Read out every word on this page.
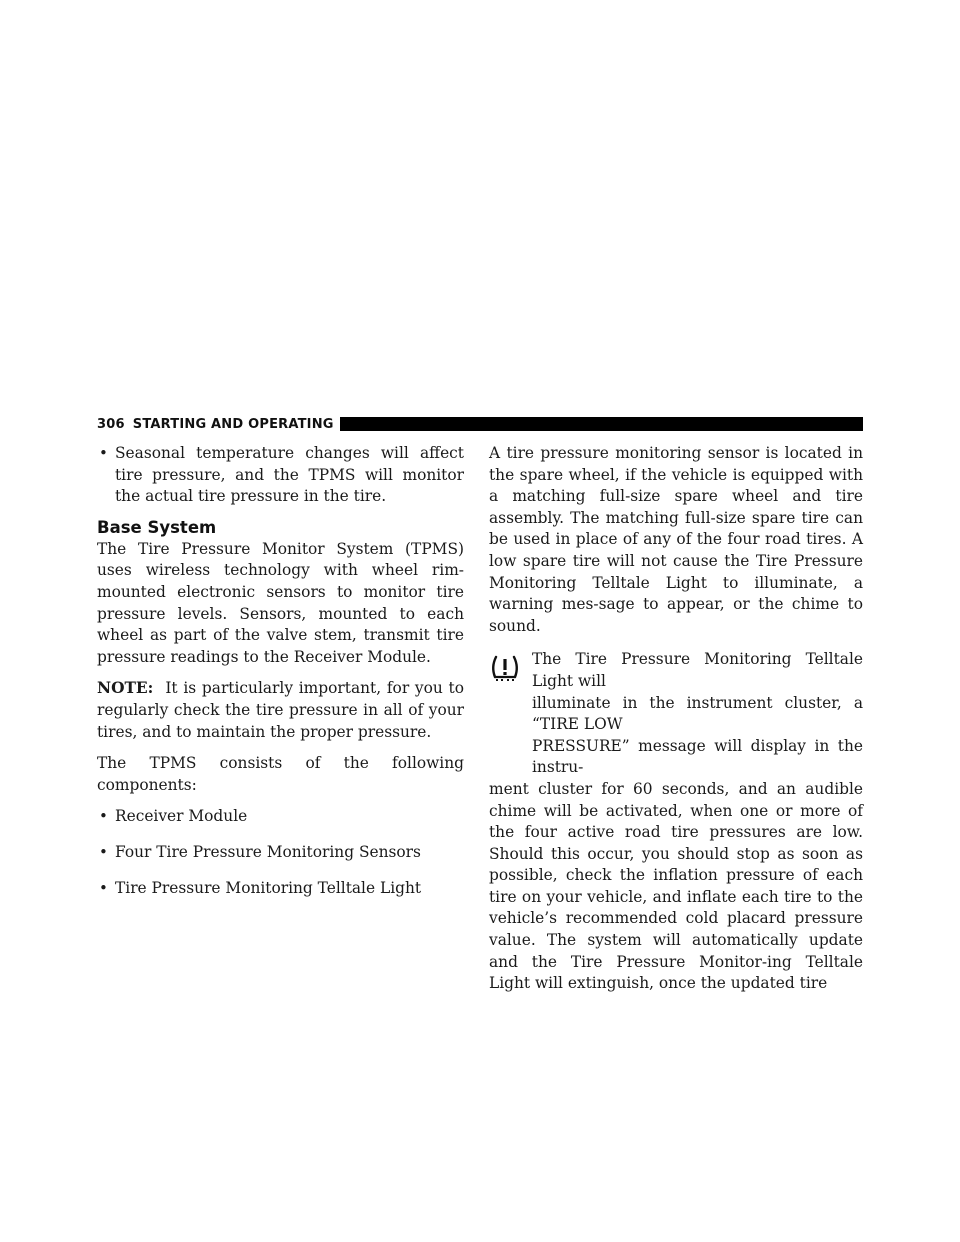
306 STARTING AND OPERATING
• Seasonal temperature changes will affect tire pressure, and the TPMS will monitor the actual tire pressure in the tire.
Base System

The Tire Pressure Monitor System (TPMS) uses wireless technology with wheel rim-mounted electronic sensors to monitor tire pressure levels. Sensors, mounted to each wheel as part of the valve stem, transmit tire pressure readings to the Receiver Module.

NOTE: It is particularly important, for you to regularly check the tire pressure in all of your tires, and to maintain the proper pressure.

The TPMS consists of the following components:

• Receiver Module
• Four Tire Pressure Monitoring Sensors
• Tire Pressure Monitoring Telltale Light

A tire pressure monitoring sensor is located in the spare wheel, if the vehicle is equipped with a matching full-size spare wheel and tire assembly. The matching full-size spare tire can be used in place of any of the four road tires. A low spare tire will not cause the Tire Pressure Monitoring Telltale Light to illuminate, a warning mes-sage to appear, or the chime to sound.

The Tire Pressure Monitoring Telltale Light will
illuminate in the instrument cluster, a “TIRE LOW
PRESSURE” message will display in the instru-

ment cluster for 60 seconds, and an audible chime will be activated, when one or more of the four active road tire pressures are low. Should this occur, you should stop as soon as possible, check the inflation pressure of each tire on your vehicle, and inflate each tire to the vehicle’s recommended cold placard pressure value. The system will automatically update and the Tire Pressure Monitor-ing Telltale Light will extinguish, once the updated tire
